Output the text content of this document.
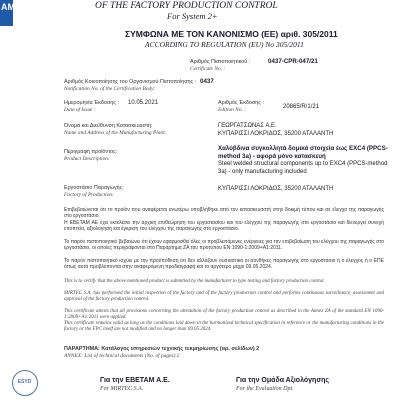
AM	OF THE FACTORY PRODUCTION CONTROL
For System 2+
ΣΥΜΦΩΝΑ ΜΕ ΤΟΝ ΚΑΝΟΝΙΣΜΟ (ΕΕ) αριθ. 305/2011
ACCORDING TO REGULATION (EU) No 305/2011
Αριθμός Πιστοποιητικού :
Certificate No. :
0437-CPR-047/21
Αριθμός Κοινοποίησης του Οργανισμού Πιστοποίησης :
Notification No. of the Certification Body:
0437
Ημερομηνία Έκδοσης :
Date of Issue :
10.05.2021	Αριθμός Έκδοσης :
Edition No. :	20865/R/1/21
Όνομα και Διεύθυνση Κατασκευαστή:
Name and Address of the Manufacturing Plant:
ΓΕΩΡΓΑΤΣΩΝΑΣ Α.Ε.
ΚΥΠΑΡΙΣΣΙ ΛΟΚΡΙΔΟΣ, 35200 ΑΤΑΛΑΝΤΗ
Περιγραφή προϊόντος:
Product Description:
Χαλύβδινα συγκολλητά δομικά στοιχεία έως EXC4 (PPCS-
method 3a) - αφορά μόνο κατασκευή
Steel welded structural components up to EXC4 (PPCS-method
3a) - only manufacturing included
Εργοστάσιο Παραγωγής:
Factory of Production:
ΚΥΠΑΡΙΣΣΙ ΛΟΚΡΙΔΟΣ, 35200 ΑΤΑΛΑΝΤΗ
Επιβεβαιώνεται ότι το προϊόν που αναφέρεται ανωτέρω υποβλήθηκε από τον κατασκευαστή στην δοκιμή τύπου και σε έλεγχο της παραγωγής στο εργοστάσιο.
Η ΕΒΕΤΑΜ ΑΕ έχει εκτελέσει την αρχική επιθεώρηση του εργοστασίου και του ελέγχου της παραγωγής στο εργοστάσιο και διενεργεί συνεχή εποπτεία, αξιολόγηση και έγκριση του ελέγχου της παραγωγής στο εργοστάσιο.
Το παρόν πιστοποιητικό βεβαιώνει ότι έχουν εφαρμοσθεί όλες οι προβλεπόμενες ενέργειες για την επιβεβαίωση του ελέγχου της παραγωγής στο εργοστάσιο, οι οποίες περιγράφονται στο Παράρτημα ΖΑ του προτύπου EN:1090-1:2009+A1:2011.
Το παρόν πιστοποιητικό ισχύει με την προϋπόθεση ότι δεν αλλάζουν ουσιαστικά οι συνθήκες παραγωγής στο εργοστάσιο ή ο έλεγχος ή ο ΕΠΕ όπως αυτά προβλέπονται στην αναφερόμενη προδιαγραφή και το αργότερο μέχρι 09.05.2024.
This is to certify that the above mentioned product is submitted by the manufacturer to type testing and factory production control.
MIRTEC S.A. has performed the initial inspection of the factory and of the factory production control and performs continuous surveillance, assessment and approval of the factory production control.
This certificate attests that all provisions concerning the attestation of the factory production control as described in the Annex ZA of the standard EN 1090-1:2009+A1:2011 were applied.
This certificate remains valid as long as the conditions laid down in the harmonized technical specification in reference or the manufacturing conditions in the factory or the FPC itself are not modified and no longer than 09.05.2024.
ΠΑΡΑΡΤΗΜΑ: Κατάλογος υπηρεσιών τεχνικής τεκμηρίωσης (αρ. σελίδων) 2
ANNEX: List of technical documents (No. of pages) 2
Για την ΕΒΕΤΑΜ Α.Ε.
For MIRTEC S.A.
Για την Ομάδα Αξιολόγησης
For the Evaluation Dpt.
ESYD
